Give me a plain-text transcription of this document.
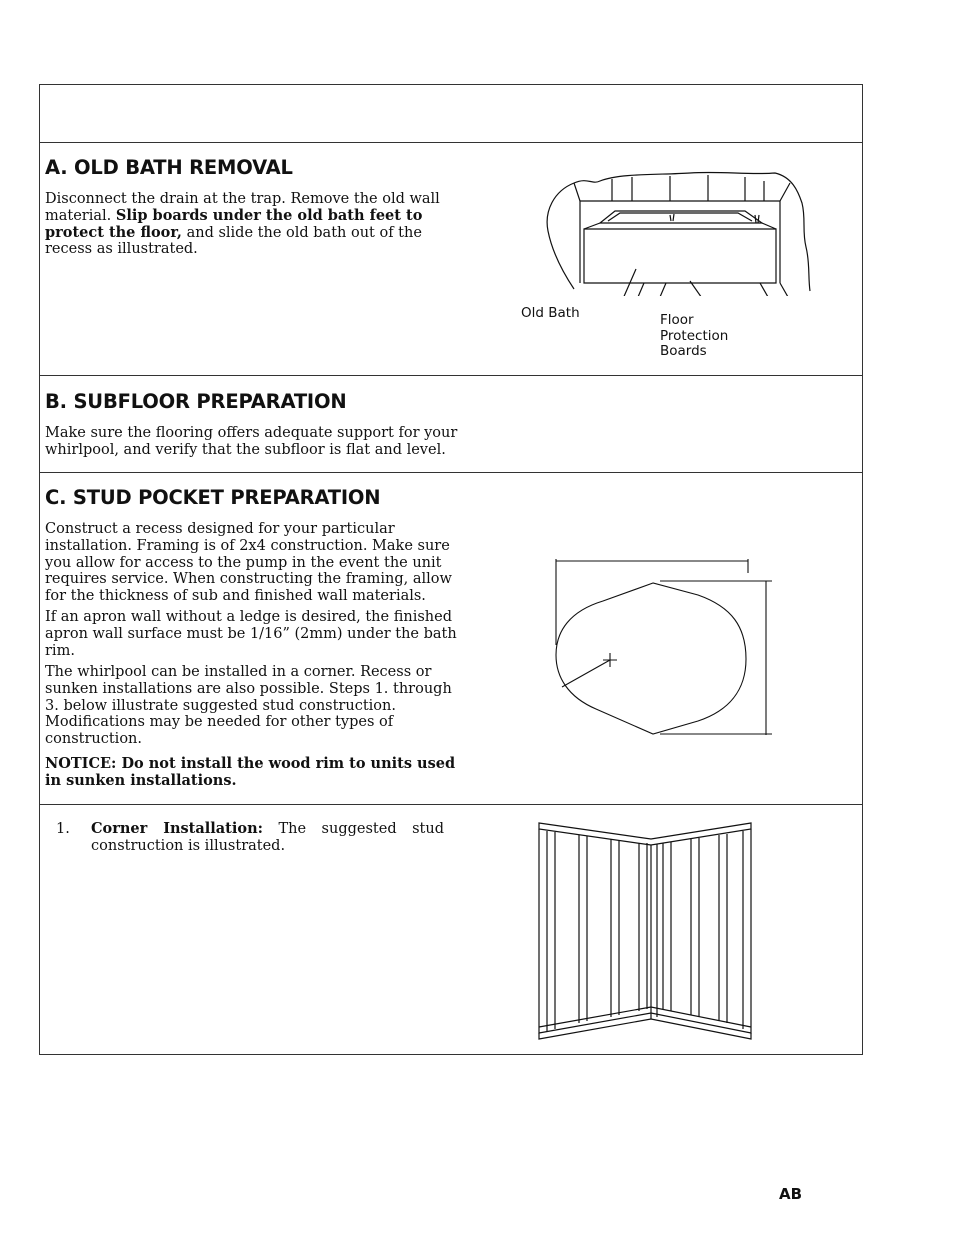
A. OLD BATH REMOVAL

Disconnect the drain at the trap. Remove the old wall material. Slip boards under the old bath feet to protect the floor, and slide the old bath out of the recess as illustrated.

Old Bath	Floor
Protection
Boards
B. SUBFLOOR PREPARATION

Make sure the flooring offers adequate support for your whirlpool, and verify that the subfloor is flat and level.

C. STUD POCKET PREPARATION

Construct a recess designed for your particular installation. Framing is of 2x4 construction. Make sure you allow for access to the pump in the event the unit requires service. When constructing the framing, allow for the thickness of sub and finished wall materials.

If an apron wall without a ledge is desired, the finished apron wall surface must be 1/16” (2mm) under the bath rim.

The whirlpool can be installed in a corner. Recess or sunken installations are also possible. Steps 1. through 3. below illustrate suggested stud construction. Modifications may be needed for other types of construction.

NOTICE: Do not install the wood rim to units used in sunken installations.

1. Corner Installation: The suggested stud construction is illustrated.
AB
